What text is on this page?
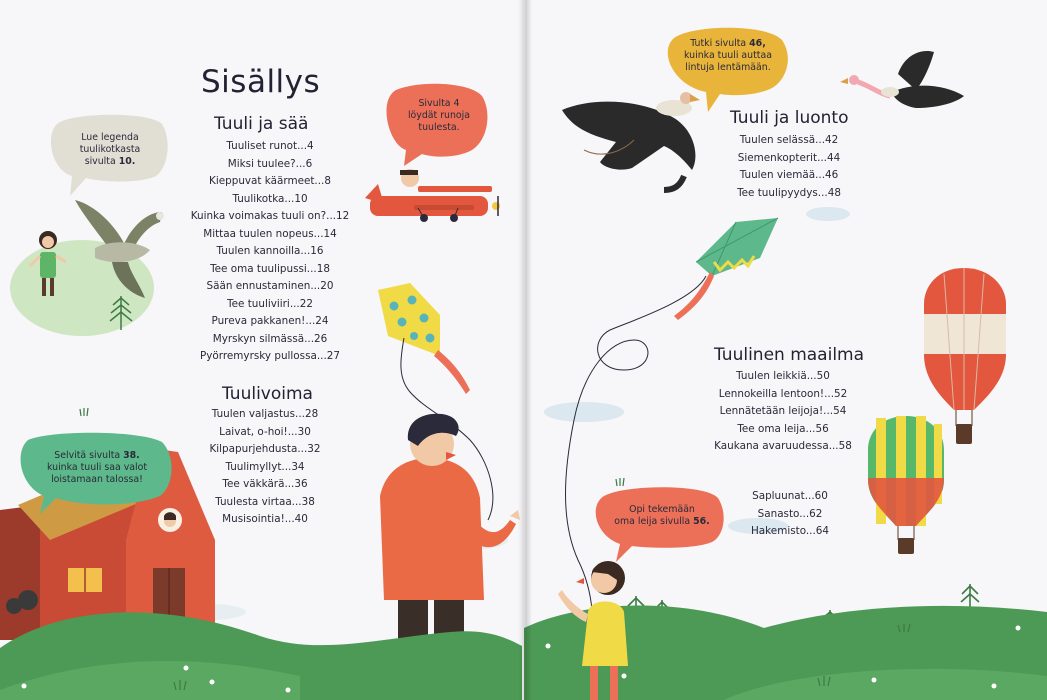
Sisällys
Tuuli ja sää
Tuuliset runot...4
Miksi tuulee?...6
Kieppuvat käärmeet...8
Tuulikotka...10
Kuinka voimakas tuuli on?...12
Mittaa tuulen nopeus...14
Tuulen kannoilla...16
Tee oma tuulipussi...18
Sään ennustaminen...20
Tee tuuliviiri...22
Pureva pakkanen!...24
Myrskyn silmässä...26
Pyörremyrsky pullossa...27
Tuulivoima
Tuulen valjastus...28
Laivat, o-hoi!...30
Kilpapurjehdusta...32
Tuulimyllyt...34
Tee väkkärä...36
Tuulesta virtaa...38
Musisointia!...40
Lue legenda
tuulikotkasta
sivulta 10.
Sivulta 4
löydät runoja
tuulesta.
Selvitä sivulta 38.
kuinka tuuli saa valot
loistamaan talossa!
Tuuli ja luonto
Tuulen selässä...42
Siemenkopterit...44
Tuulen viemää...46
Tee tuulipyydys...48
Tuulinen maailma
Tuulen leikkiä...50
Lennokeilla lentoon!...52
Lennätetään leijoja!...54
Tee oma leija...56
Kaukana avaruudessa...58
Sapluunat...60
Sanasto...62
Hakemisto...64
Tutki sivulta 46,
kuinka tuuli auttaa
lintuja lentämään.
Opi tekemään
oma leija sivulla 56.
